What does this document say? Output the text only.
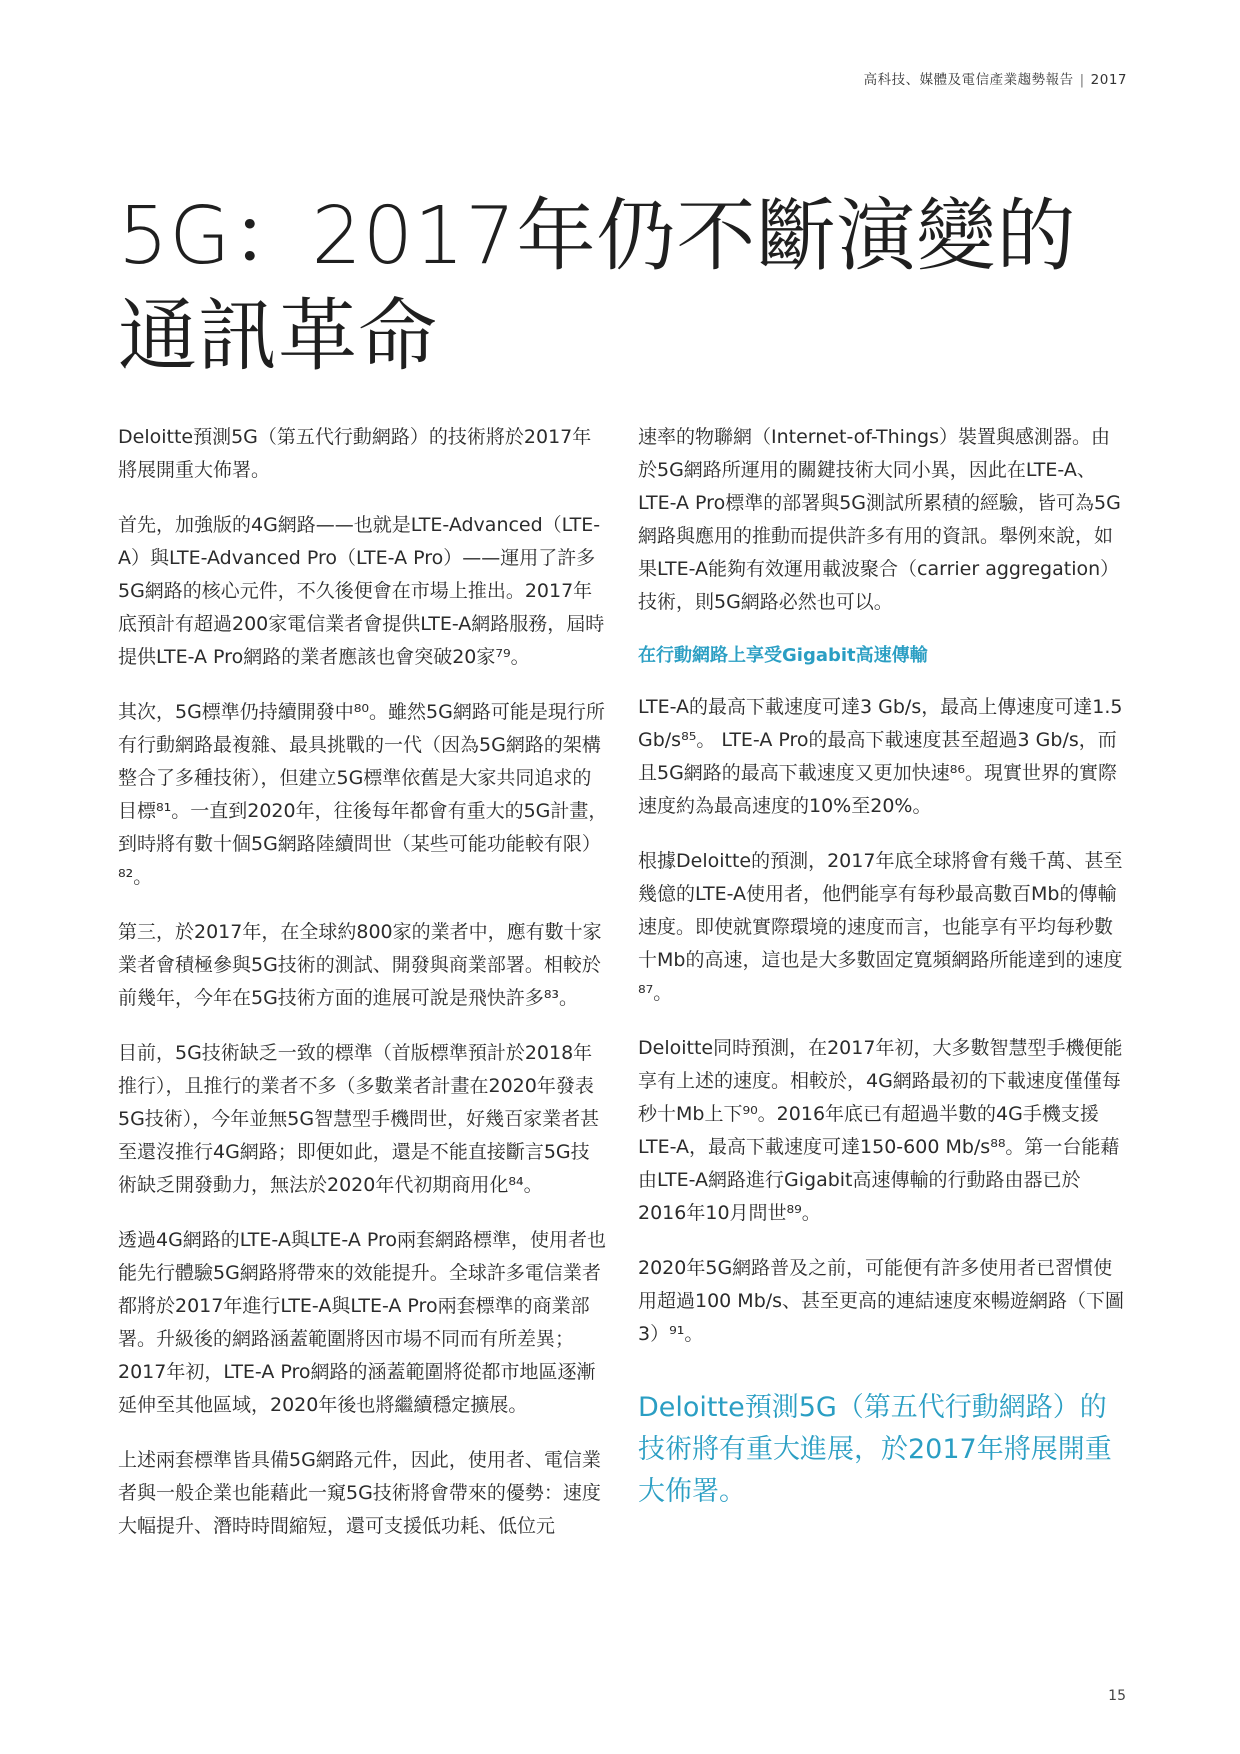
高科技、媒體及電信產業趨勢報告 | 2017
5G：2017年仍不斷演變的通訊革命

Deloitte預測5G（第五代行動網路）的技術將於2017年將展開重大佈署。

首先，加強版的4G網路——也就是LTE-Advanced（LTE-A）與LTE-Advanced Pro（LTE-A Pro）——運用了許多5G網路的核心元件，不久後便會在市場上推出。2017年底預計有超過200家電信業者會提供LTE-A網路服務，屆時提供LTE-A Pro網路的業者應該也會突破20家⁷⁹。

其次，5G標準仍持續開發中⁸⁰。雖然5G網路可能是現行所有行動網路最複雜、最具挑戰的一代（因為5G網路的架構整合了多種技術），但建立5G標準依舊是大家共同追求的目標⁸¹。一直到2020年，往後每年都會有重大的5G計畫，到時將有數十個5G網路陸續問世（某些可能功能較有限）⁸²。

第三，於2017年，在全球約800家的業者中，應有數十家業者會積極參與5G技術的測試、開發與商業部署。相較於前幾年，今年在5G技術方面的進展可說是飛快許多⁸³。

目前，5G技術缺乏一致的標準（首版標準預計於2018年推行），且推行的業者不多（多數業者計畫在2020年發表5G技術），今年並無5G智慧型手機問世，好幾百家業者甚至還沒推行4G網路；即便如此，還是不能直接斷言5G技術缺乏開發動力，無法於2020年代初期商用化⁸⁴。

透過4G網路的LTE-A與LTE-A Pro兩套網路標準，使用者也能先行體驗5G網路將帶來的效能提升。全球許多電信業者都將於2017年進行LTE-A與LTE-A Pro兩套標準的商業部署。升級後的網路涵蓋範圍將因市場不同而有所差異；2017年初，LTE-A Pro網路的涵蓋範圍將從都市地區逐漸延伸至其他區域，2020年後也將繼續穩定擴展。

上述兩套標準皆具備5G網路元件，因此，使用者、電信業者與一般企業也能藉此一窺5G技術將會帶來的優勢：速度大幅提升、潛時時間縮短，還可支援低功耗、低位元

速率的物聯網（Internet-of-Things）裝置與感測器。由於5G網路所運用的關鍵技術大同小異，因此在LTE-A、LTE-A Pro標準的部署與5G測試所累積的經驗，皆可為5G網路與應用的推動而提供許多有用的資訊。舉例來說，如果LTE-A能夠有效運用載波聚合（carrier aggregation）技術，則5G網路必然也可以。

在行動網路上享受Gigabit高速傳輸

LTE-A的最高下載速度可達3 Gb/s，最高上傳速度可達1.5 Gb/s⁸⁵。 LTE-A Pro的最高下載速度甚至超過3 Gb/s，而且5G網路的最高下載速度又更加快速⁸⁶。現實世界的實際速度約為最高速度的10%至20%。

根據Deloitte的預測，2017年底全球將會有幾千萬、甚至幾億的LTE-A使用者，他們能享有每秒最高數百Mb的傳輸速度。即使就實際環境的速度而言，也能享有平均每秒數十Mb的高速，這也是大多數固定寬頻網路所能達到的速度⁸⁷。

Deloitte同時預測，在2017年初，大多數智慧型手機便能享有上述的速度。相較於，4G網路最初的下載速度僅僅每秒十Mb上下⁹⁰。2016年底已有超過半數的4G手機支援LTE-A，最高下載速度可達150-600 Mb/s⁸⁸。第一台能藉由LTE-A網路進行Gigabit高速傳輸的行動路由器已於2016年10月問世⁸⁹。

2020年5G網路普及之前，可能便有許多使用者已習慣使用超過100 Mb/s、甚至更高的連結速度來暢遊網路（下圖3）⁹¹。

Deloitte預測5G（第五代行動網路）的技術將有重大進展，於2017年將展開重大佈署。
15
